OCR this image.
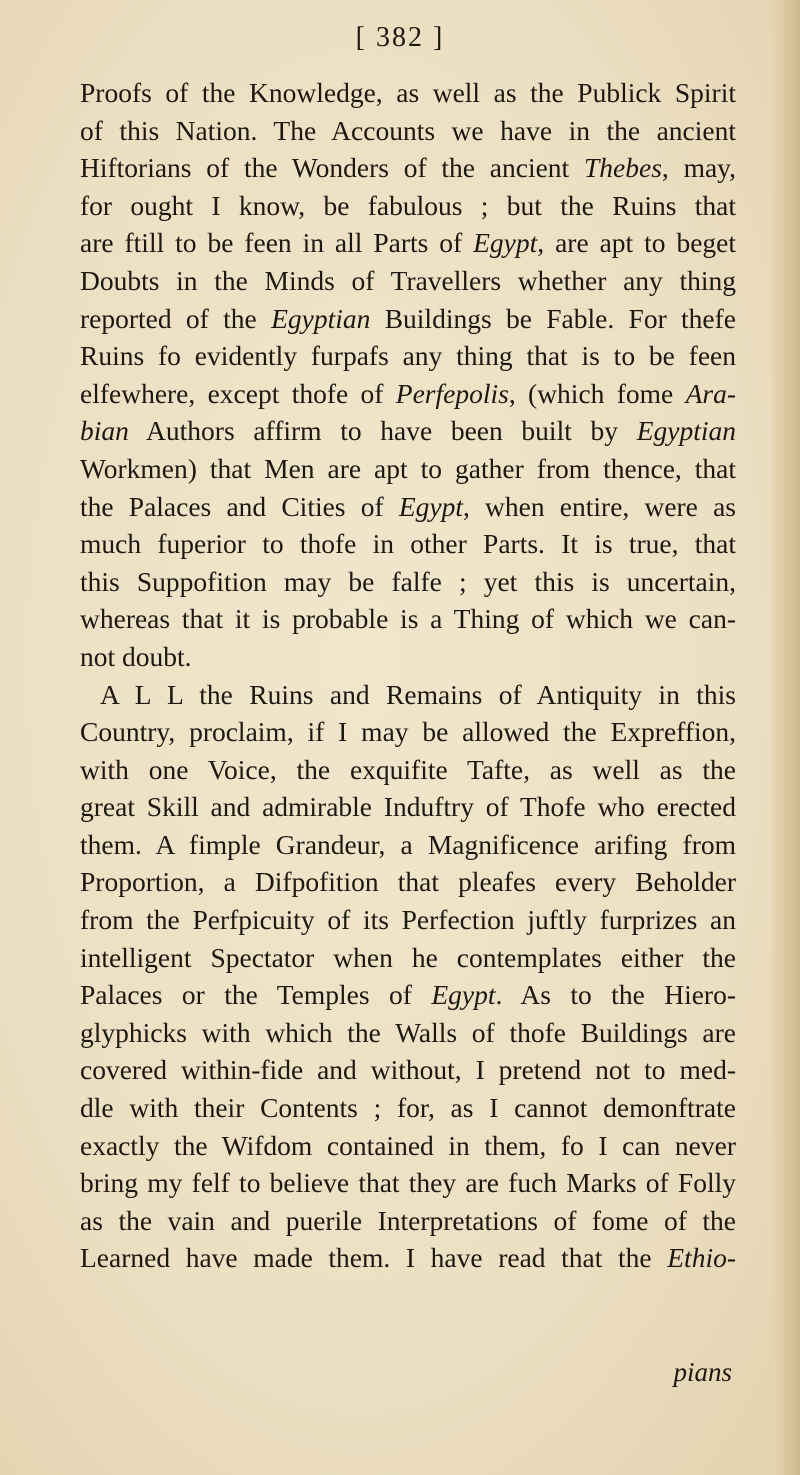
[ 382 ]
Proofs of the Knowledge, as well as the Publick Spirit
of this Nation. The Accounts we have in the ancient
Hiftorians of the Wonders of the ancient Thebes, may,
for ought I know, be fabulous ; but the Ruins that
are ftill to be feen in all Parts of Egypt, are apt to beget
Doubts in the Minds of Travellers whether any thing
reported of the Egyptian Buildings be Fable. For thefe
Ruins fo evidently furpafs any thing that is to be feen
elfewhere, except thofe of Perfepolis, (which fome Ara-
bian Authors affirm to have been built by Egyptian
Workmen) that Men are apt to gather from thence, that
the Palaces and Cities of Egypt, when entire, were as
much fuperior to thofe in other Parts. It is true, that
this Suppofition may be falfe ; yet this is uncertain,
whereas that it is probable is a Thing of which we can-
not doubt.
A L L the Ruins and Remains of Antiquity in this
Country, proclaim, if I may be allowed the Expreffion,
with one Voice, the exquifite Tafte, as well as the
great Skill and admirable Induftry of Thofe who erected
them. A fimple Grandeur, a Magnificence arifing from
Proportion, a Difpofition that pleafes every Beholder
from the Perfpicuity of its Perfection juftly furprizes an
intelligent Spectator when he contemplates either the
Palaces or the Temples of Egypt. As to the Hiero-
glyphicks with which the Walls of thofe Buildings are
covered within-fide and without, I pretend not to med-
dle with their Contents ; for, as I cannot demonftrate
exactly the Wifdom contained in them, fo I can never
bring my felf to believe that they are fuch Marks of Folly
as the vain and puerile Interpretations of fome of the
Learned have made them. I have read that the Ethio-
pians
